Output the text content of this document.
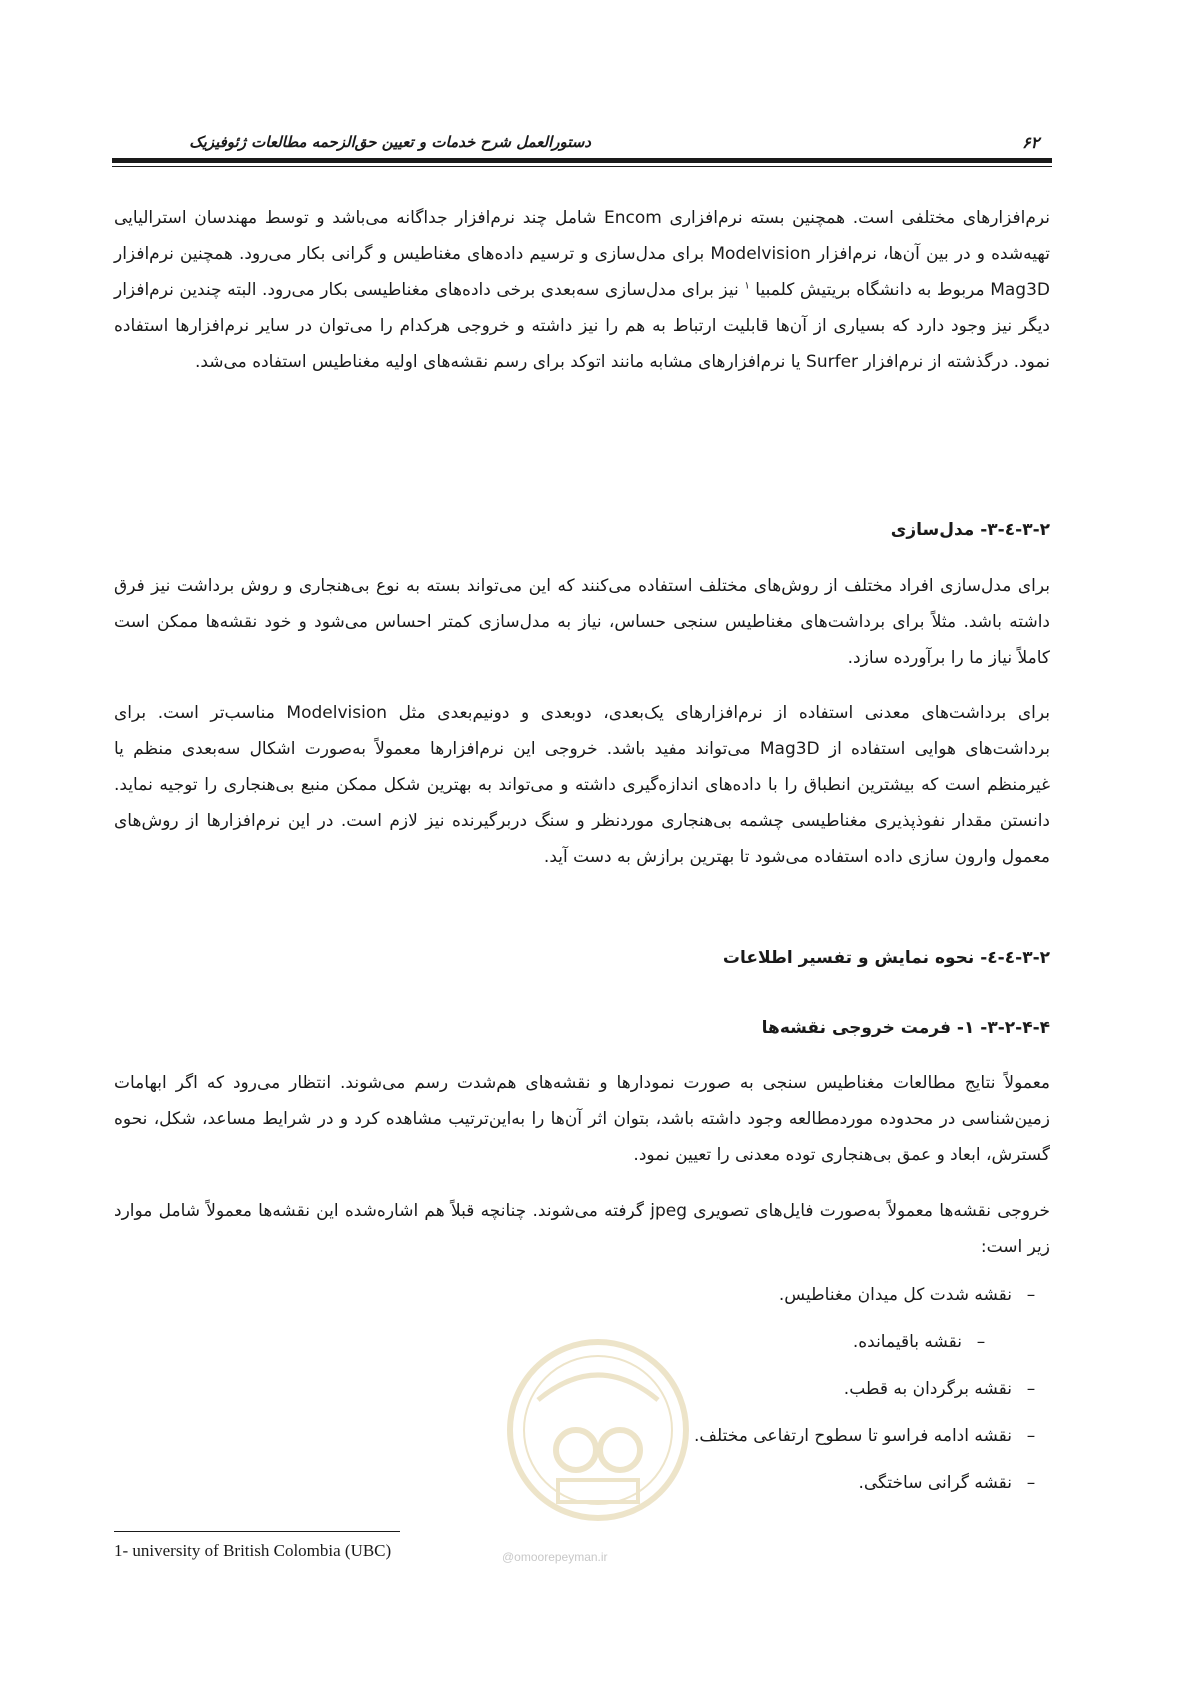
دستورالعمل شرح خدمات و تعیین حق‌الزحمه مطالعات ژئوفیزیک	۶۲
نرم‌افزارهای مختلفی است. همچنین بسته نرم‌افزاری Encom شامل چند نرم‌افزار جداگانه می‌باشد و توسط مهندسان استرالیایی تهیه‌شده و در بین آن‌ها، نرم‌افزار Modelvision برای مدل‌سازی و ترسیم داده‌های مغناطیس و گرانی بکار می‌رود. همچنین نرم‌افزار Mag3D مربوط به دانشگاه بریتیش کلمبیا $^۱$ نیز برای مدل‌سازی سه‌بعدی برخی داده‌های مغناطیسی بکار می‌رود. البته چندین نرم‌افزار دیگر نیز وجود دارد که بسیاری از آن‌ها قابلیت ارتباط به هم را نیز داشته و خروجی هرکدام را می‌توان در سایر نرم‌افزارها استفاده نمود. درگذشته از نرم‌افزار Surfer یا نرم‌افزارهای مشابه مانند اتوکد برای رسم نقشه‌های اولیه مغناطیس استفاده می‌شد.
۳-۲-٤-۳- مدل‌سازی
برای مدل‌سازی افراد مختلف از روش‌های مختلف استفاده می‌کنند که این می‌تواند بسته به نوع بی‌هنجاری و روش برداشت نیز فرق داشته باشد. مثلاً برای برداشت‌های مغناطیس سنجی حساس، نیاز به مدل‌سازی کمتر احساس می‌شود و خود نقشه‌ها ممکن است کاملاً نیاز ما را برآورده سازد.
برای برداشت‌های معدنی استفاده از نرم‌افزارهای یک‌بعدی، دوبعدی و دونیم‌بعدی مثل Modelvision مناسب‌تر است. برای برداشت‌های هوایی استفاده از Mag3D می‌تواند مفید باشد. خروجی این نرم‌افزارها معمولاً به‌صورت اشکال سه‌بعدی منظم یا غیرمنظم است که بیشترین انطباق را با داده‌های اندازه‌گیری داشته و می‌تواند به بهترین شکل ممکن منبع بی‌هنجاری را توجیه نماید. دانستن مقدار نفوذپذیری مغناطیسی چشمه بی‌هنجاری موردنظر و سنگ دربرگیرنده نیز لازم است. در این نرم‌افزارها از روش‌های معمول وارون سازی داده استفاده می‌شود تا بهترین برازش به دست آید.
۳-۲-٤-٤- نحوه نمایش و تفسیر اطلاعات
۳-۲-۴-۴- ۱- فرمت خروجی نقشه‌ها
معمولاً نتایج مطالعات مغناطیس سنجی به صورت نمودارها و نقشه‌های هم‌شدت رسم می‌شوند. انتظار می‌رود که اگر ابهامات زمین‌شناسی در محدوده موردمطالعه وجود داشته باشد، بتوان اثر آن‌ها را به‌این‌ترتیب مشاهده کرد و در شرایط مساعد، شکل، نحوه گسترش، ابعاد و عمق بی‌هنجاری توده معدنی را تعیین نمود.
خروجی نقشه‌ها معمولاً به‌صورت فایل‌های تصویری jpeg گرفته می‌شوند. چنانچه قبلاً هم اشاره‌شده این نقشه‌ها معمولاً شامل موارد زیر است:
@omoorepeyman.ir
–نقشه شدت کل میدان مغناطیس.
–نقشه باقیمانده.
–نقشه برگردان به قطب.
–نقشه ادامه فراسو تا سطوح ارتفاعی مختلف.
–نقشه گرانی ساختگی.
1- university of British Colombia (UBC)
